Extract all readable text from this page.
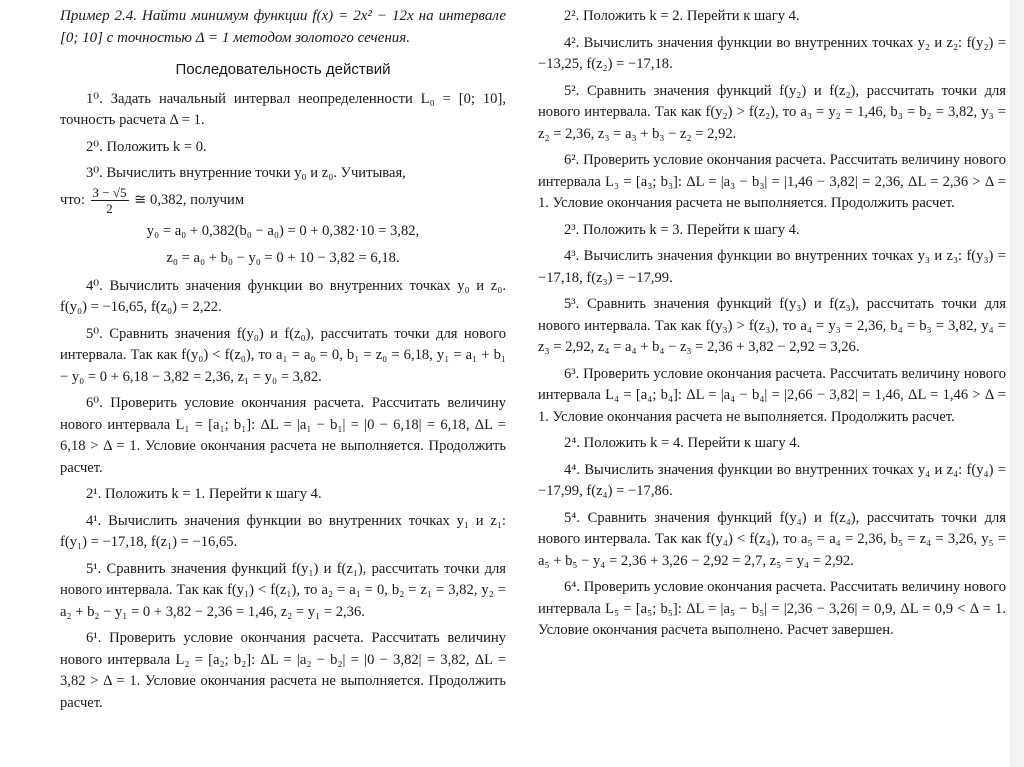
Пример 2.4. Найти минимум функции f(x) = 2x² − 12x на интервале [0; 10] с точностью Δ = 1 методом золотого сечения.
Последовательность действий
1⁰. Задать начальный интервал неопределенности L₀ = [0; 10], точность расчета Δ = 1.
2⁰. Положить k = 0.
3⁰. Вычислить внутренние точки y₀ и z₀. Учитывая,
что: $\frac{3 - √5}{2}$ ≅ 0,382, получим
y₀ = a₀ + 0,382(b₀ − a₀) = 0 + 0,382·10 = 3,82,
z₀ = a₀ + b₀ − y₀ = 0 + 10 − 3,82 = 6,18.
4⁰. Вычислить значения функции во внутренних точках y₀ и z₀. f(y₀) = −16,65, f(z₀) = 2,22.
5⁰. Сравнить значения f(y₀) и f(z₀), рассчитать точки для нового интервала. Так как f(y₀) < f(z₀), то a₁ = a₀ = 0, b₁ = z₀ = 6,18, y₁ = a₁ + b₁ − y₀ = 0 + 6,18 − 3,82 = 2,36, z₁ = y₀ = 3,82.
6⁰. Проверить условие окончания расчета. Рассчитать величину нового интервала L₁ = [a₁; b₁]: ΔL = |a₁ − b₁| = |0 − 6,18| = 6,18, ΔL = 6,18 > Δ = 1. Условие окончания расчета не выполняется. Продолжить расчет.
2¹. Положить k = 1. Перейти к шагу 4.
4¹. Вычислить значения функции во внутренних точках y₁ и z₁: f(y₁) = −17,18, f(z₁) = −16,65.
5¹. Сравнить значения функций f(y₁) и f(z₁), рассчитать точки для нового интервала. Так как f(y₁) < f(z₁), то a₂ = a₁ = 0, b₂ = z₁ = 3,82, y₂ = a₂ + b₂ − y₁ = 0 + 3,82 − 2,36 = 1,46, z₂ = y₁ = 2,36.
6¹. Проверить условие окончания расчета. Рассчитать величину нового интервала L₂ = [a₂; b₂]: ΔL = |a₂ − b₂| = |0 − 3,82| = 3,82, ΔL = 3,82 > Δ = 1. Условие окончания расчета не выполняется. Продолжить расчет.
2². Положить k = 2. Перейти к шагу 4.
4². Вычислить значения функции во внутренних точках y₂ и z₂: f(y₂) = −13,25, f(z₂) = −17,18.
5². Сравнить значения функций f(y₂) и f(z₂), рассчитать точки для нового интервала. Так как f(y₂) > f(z₂), то a₃ = y₂ = 1,46, b₃ = b₂ = 3,82, y₃ = z₂ = 2,36, z₃ = a₃ + b₃ − z₂ = 2,92.
6². Проверить условие окончания расчета. Рассчитать величину нового интервала L₃ = [a₃; b₃]: ΔL = |a₃ − b₃| = |1,46 − 3,82| = 2,36, ΔL = 2,36 > Δ = 1. Условие окончания расчета не выполняется. Продолжить расчет.
2³. Положить k = 3. Перейти к шагу 4.
4³. Вычислить значения функции во внутренних точках y₃ и z₃: f(y₃) = −17,18, f(z₃) = −17,99.
5³. Сравнить значения функций f(y₃) и f(z₃), рассчитать точки для нового интервала. Так как f(y₃) > f(z₃), то a₄ = y₃ = 2,36, b₄ = b₃ = 3,82, y₄ = z₃ = 2,92, z₄ = a₄ + b₄ − z₃ = 2,36 + 3,82 − 2,92 = 3,26.
6³. Проверить условие окончания расчета. Рассчитать величину нового интервала L₄ = [a₄; b₄]: ΔL = |a₄ − b₄| = |2,66 − 3,82| = 1,46, ΔL = 1,46 > Δ = 1. Условие окончания расчета не выполняется. Продолжить расчет.
2⁴. Положить k = 4. Перейти к шагу 4.
4⁴. Вычислить значения функции во внутренних точках y₄ и z₄: f(y₄) = −17,99, f(z₄) = −17,86.
5⁴. Сравнить значения функций f(y₄) и f(z₄), рассчитать точки для нового интервала. Так как f(y₄) < f(z₄), то a₅ = a₄ = 2,36, b₅ = z₄ = 3,26, y₅ = a₅ + b₅ − y₄ = 2,36 + 3,26 − 2,92 = 2,7, z₅ = y₄ = 2,92.
6⁴. Проверить условие окончания расчета. Рассчитать величину нового интервала L₅ = [a₅; b₅]: ΔL = |a₅ − b₅| = |2,36 − 3,26| = 0,9, ΔL = 0,9 < Δ = 1. Условие окончания расчета выполнено. Расчет завершен.
